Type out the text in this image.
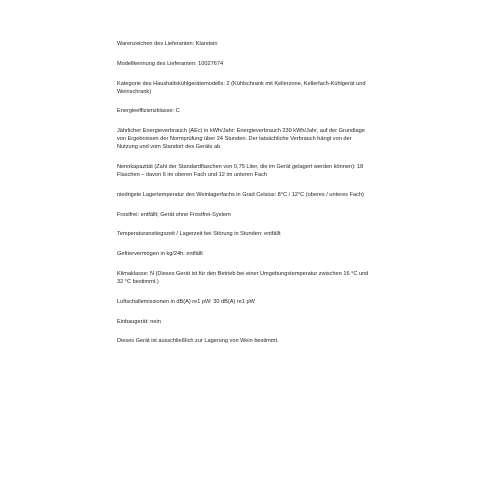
Warenzeichen des Lieferanten: Klarstein

Modellkennung des Lieferanten: 10027674

Kategorie des Haushaltskühlgerätemodells: 2 (Kühlschrank mit Kellerzone, Kellerfach-Kühlgerät und
Weinschrank)

Energieeffizienzklasse: C

Jährlicher Energieverbrauch (AEc) in kWh/Jahr: Energieverbrauch 230 kWh/Jahr, auf der Grundlage
von Ergebnissen der Normprüfung über 24 Stunden. Der tatsächliche Verbrauch hängt von der
Nutzung und vom Standort des Geräts ab.

Nennkapazität (Zahl der Standardflaschen von 0,75 Liter, die im Gerät gelagert werden können): 18
Flaschen – davon 6 im oberen Fach und 12 im unteren Fach

niedrigste Lagertemperatur des Weinlagerfachs in Grad Celsius: 8°C / 12°C (oberes / unteres Fach)

Frostfrei: entfällt; Gerät ohne Frostfrei-System

Temperaturanstiegszeit / Lagerzeit bei Störung in Stunden: entfällt

Gefriervermögen in kg/24h: entfällt

Klimaklasse: N (Dieses Gerät ist für den Betrieb bei einer Umgebungstemperatur zwischen 16 °C und
32 °C bestimmt.)

Luftschallemissionen in dB(A) re1 pW: 30 dB(A) re1 pW

Einbaugerät: nein

Dieses Gerät ist ausschließlich zur Lagerung von Wein bestimmt.
